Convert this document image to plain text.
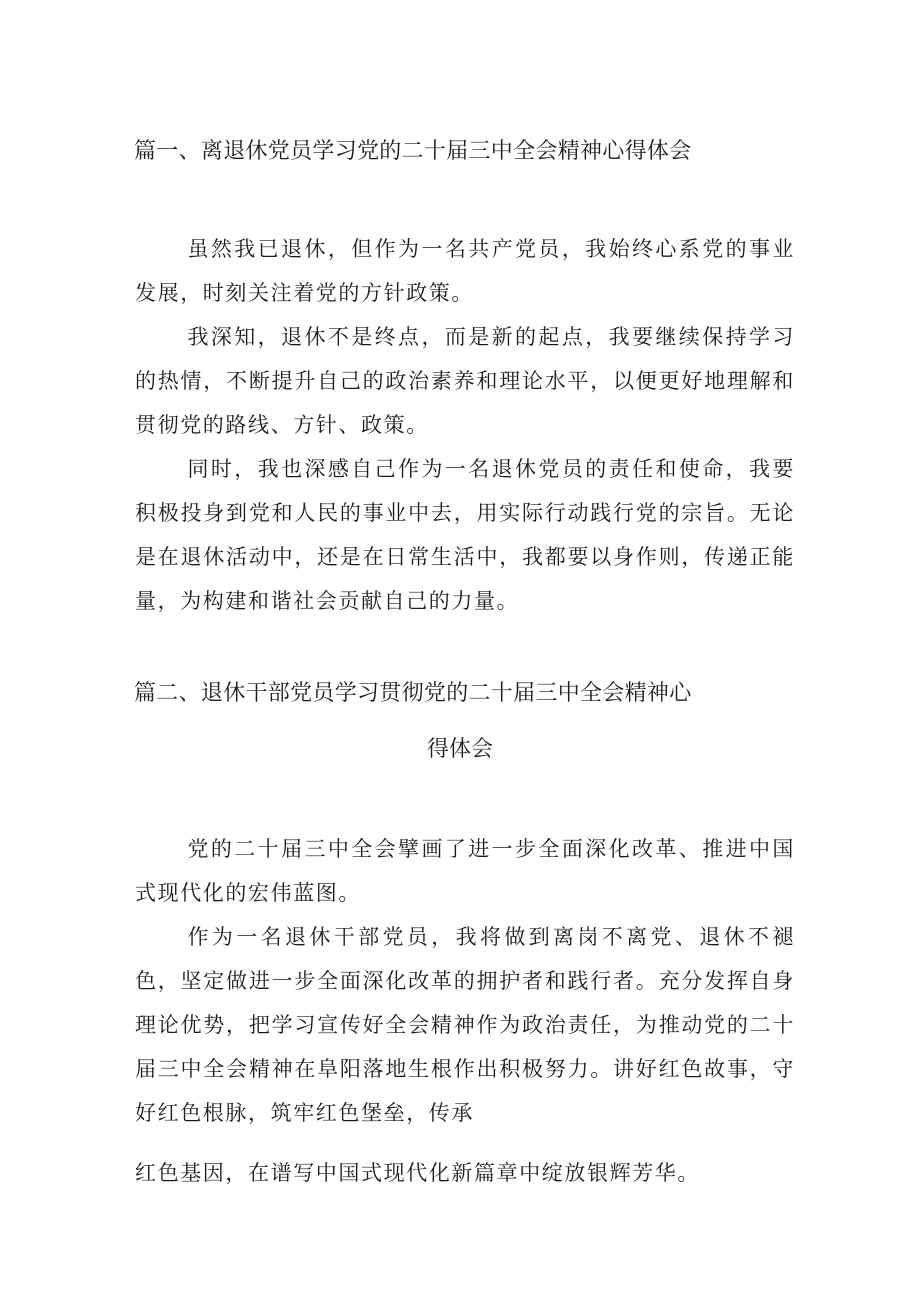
篇一、离退休党员学习党的二十届三中全会精神心得体会

虽然我已退休，但作为一名共产党员，我始终心系党的事业发展，时刻关注着党的方针政策。

我深知，退休不是终点，而是新的起点，我要继续保持学习的热情，不断提升自己的政治素养和理论水平，以便更好地理解和贯彻党的路线、方针、政策。

同时，我也深感自己作为一名退休党员的责任和使命，我要积极投身到党和人民的事业中去，用实际行动践行党的宗旨。无论是在退休活动中，还是在日常生活中，我都要以身作则，传递正能量，为构建和谐社会贡献自己的力量。

篇二、退休干部党员学习贯彻党的二十届三中全会精神心
得体会

党的二十届三中全会擘画了进一步全面深化改革、推进中国式现代化的宏伟蓝图。

作为一名退休干部党员，我将做到离岗不离党、退休不褪色，坚定做进一步全面深化改革的拥护者和践行者。充分发挥自身理论优势，把学习宣传好全会精神作为政治责任，为推动党的二十届三中全会精神在阜阳落地生根作出积极努力。讲好红色故事，守好红色根脉，筑牢红色堡垒，传承

红色基因，在谱写中国式现代化新篇章中绽放银辉芳华。
